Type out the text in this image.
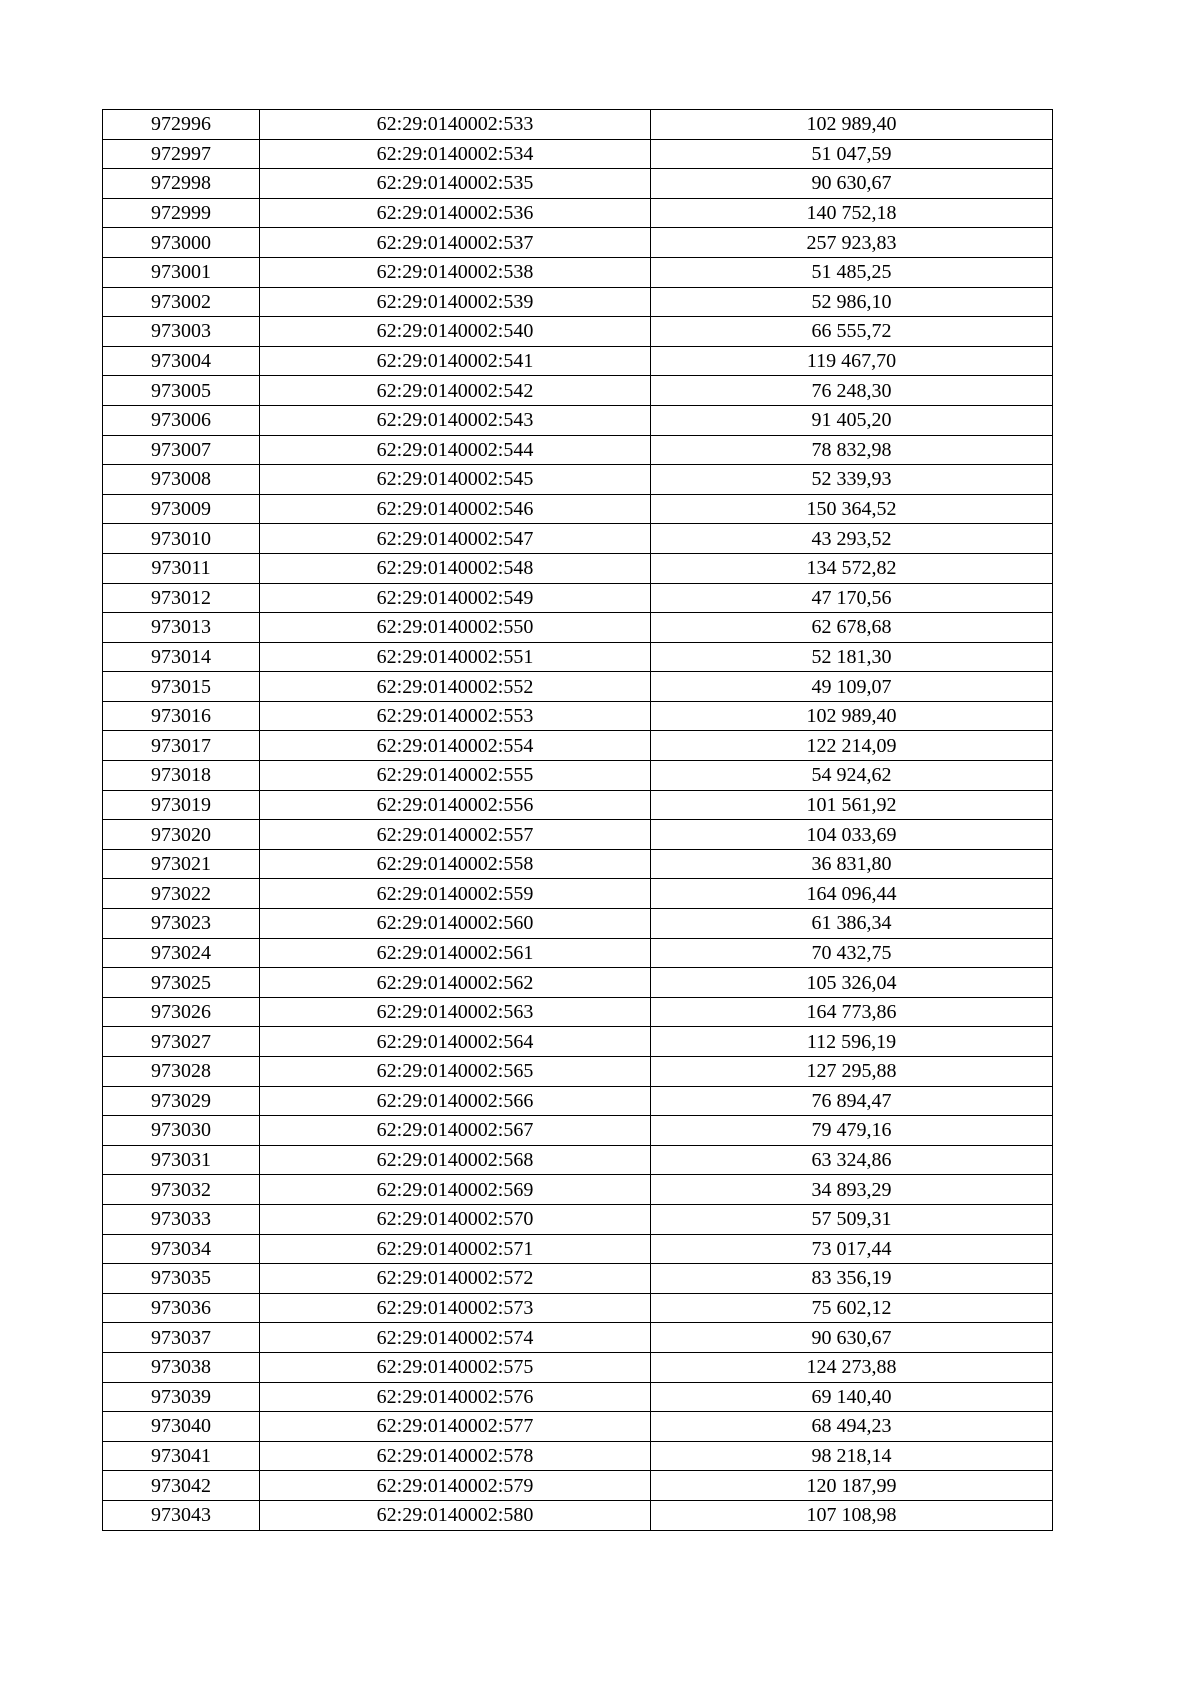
972996	62:29:0140002:533	102 989,40
972997	62:29:0140002:534	51 047,59
972998	62:29:0140002:535	90 630,67
972999	62:29:0140002:536	140 752,18
973000	62:29:0140002:537	257 923,83
973001	62:29:0140002:538	51 485,25
973002	62:29:0140002:539	52 986,10
973003	62:29:0140002:540	66 555,72
973004	62:29:0140002:541	119 467,70
973005	62:29:0140002:542	76 248,30
973006	62:29:0140002:543	91 405,20
973007	62:29:0140002:544	78 832,98
973008	62:29:0140002:545	52 339,93
973009	62:29:0140002:546	150 364,52
973010	62:29:0140002:547	43 293,52
973011	62:29:0140002:548	134 572,82
973012	62:29:0140002:549	47 170,56
973013	62:29:0140002:550	62 678,68
973014	62:29:0140002:551	52 181,30
973015	62:29:0140002:552	49 109,07
973016	62:29:0140002:553	102 989,40
973017	62:29:0140002:554	122 214,09
973018	62:29:0140002:555	54 924,62
973019	62:29:0140002:556	101 561,92
973020	62:29:0140002:557	104 033,69
973021	62:29:0140002:558	36 831,80
973022	62:29:0140002:559	164 096,44
973023	62:29:0140002:560	61 386,34
973024	62:29:0140002:561	70 432,75
973025	62:29:0140002:562	105 326,04
973026	62:29:0140002:563	164 773,86
973027	62:29:0140002:564	112 596,19
973028	62:29:0140002:565	127 295,88
973029	62:29:0140002:566	76 894,47
973030	62:29:0140002:567	79 479,16
973031	62:29:0140002:568	63 324,86
973032	62:29:0140002:569	34 893,29
973033	62:29:0140002:570	57 509,31
973034	62:29:0140002:571	73 017,44
973035	62:29:0140002:572	83 356,19
973036	62:29:0140002:573	75 602,12
973037	62:29:0140002:574	90 630,67
973038	62:29:0140002:575	124 273,88
973039	62:29:0140002:576	69 140,40
973040	62:29:0140002:577	68 494,23
973041	62:29:0140002:578	98 218,14
973042	62:29:0140002:579	120 187,99
973043	62:29:0140002:580	107 108,98
